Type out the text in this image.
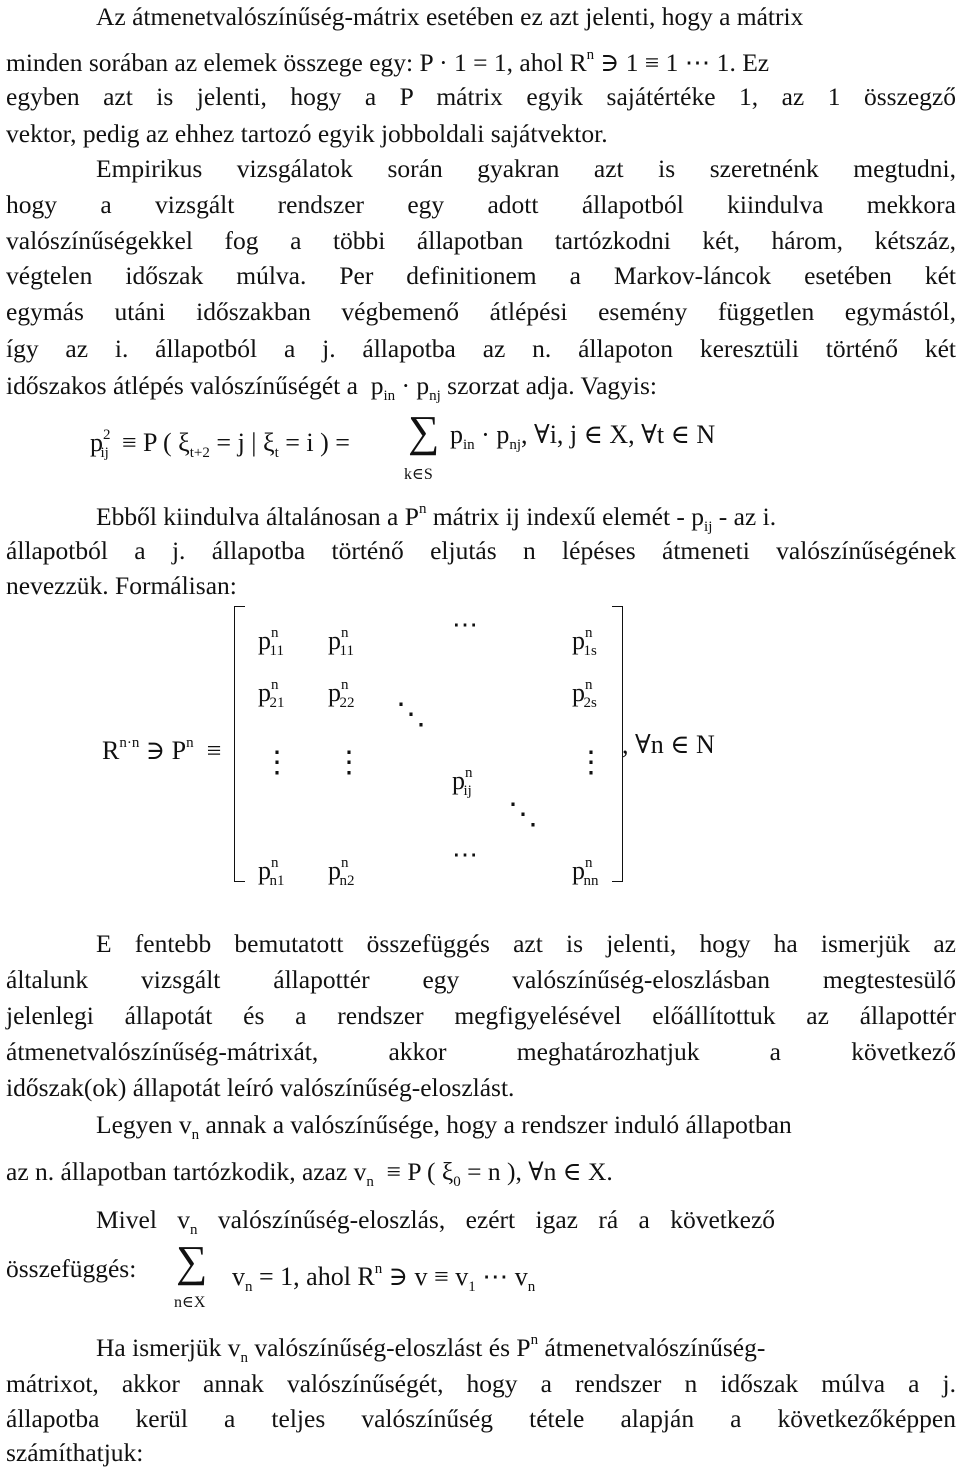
Az átmenetvalószínűség-mátrix esetében ez azt jelenti, hogy a mátrix
minden sorában az elemek összege egy: P · 1 = 1, ahol $R^n$ ∋ 1 ≡ 1 ⋯ 1. Ez
egyben azt is jelenti, hogy a P mátrix egyik sajátértéke 1, az 1 összegző
vektor, pedig az ehhez tartozó egyik jobboldali sajátvektor.
Empirikus vizsgálatok során gyakran azt is szeretnénk megtudni,
hogy a vizsgált rendszer egy adott állapotból kiindulva mekkora
valószínűségekkel fog a többi állapotban tartózkodni két, három, kétszáz,
végtelen időszak múlva. Per definitionem a Markov-láncok esetében két
egymás utáni időszakban végbemenő átlépési esemény független egymástól,
így az i. állapotból a j. állapotba az n. állapoton keresztüli történő két
időszakos átlépés valószínűségét a $p_{in} \cdot p_{nj}$ szorzat adja. Vagyis:
$p^2_{ij} \equiv P$ ( $\xi_{t+2} = j$ | $\xi_t = i$ ) = ∑
k∈S
$p_{in} \cdot p_{nj}$, ∀i, j ∈ X, ∀t ∈ N
Ebből kiindulva általánosan a $P^n$ mátrix ij indexű elemét - $p_{ij}$ - az i.
állapotból a j. állapotba történő eljutás n lépéses átmeneti valószínűségének
nevezzük. Formálisan:
$R^{n\cdot n}$ ∋ $P^n$ ≡
$p^n_{11}$ $p^n_{11}$
⋯
$p^n_{1s}$
$p^n_{21}$ $p^n_{22}$	$p^n_{2s}$
⋱
⋮ ⋮
$p^n_{ij}$
⋮
, ∀n ∈ N
⋱
$p^n_{n1}$ $p^n_{n2}$
⋯
$p^n_{nn}$
E fentebb bemutatott összefüggés azt is jelenti, hogy ha ismerjük az
általunk vizsgált állapottér egy valószínűség-eloszlásban megtestesülő
jelenlegi állapotát és a rendszer megfigyelésével előállítottuk az állapottér
átmenetvalószínűség-mátrixát, akkor meghatározhatjuk a következő
időszak(ok) állapotát leíró valószínűség-eloszlást.
Legyen $v_n$ annak a valószínűsége, hogy a rendszer induló állapotban
az n. állapotban tartózkodik, azaz $v_n \equiv P$ ( $\xi_0 = n$ ), ∀n ∈ X.
Mivel $v_n$ valószínűség-eloszlás, ezért igaz rá a következő
összefüggés: ∑
n∈X
$v_n = 1$, ahol $R^n$ ∋ $v \equiv v_1$ ⋯ $v_n$
Ha ismerjük $v_n$ valószínűség-eloszlást és $P^n$ átmenetvalószínűség-
mátrixot, akkor annak valószínűségét, hogy a rendszer n időszak múlva a j.
állapotba kerül a teljes valószínűség tétele alapján a következőképpen
számíthatjuk:
